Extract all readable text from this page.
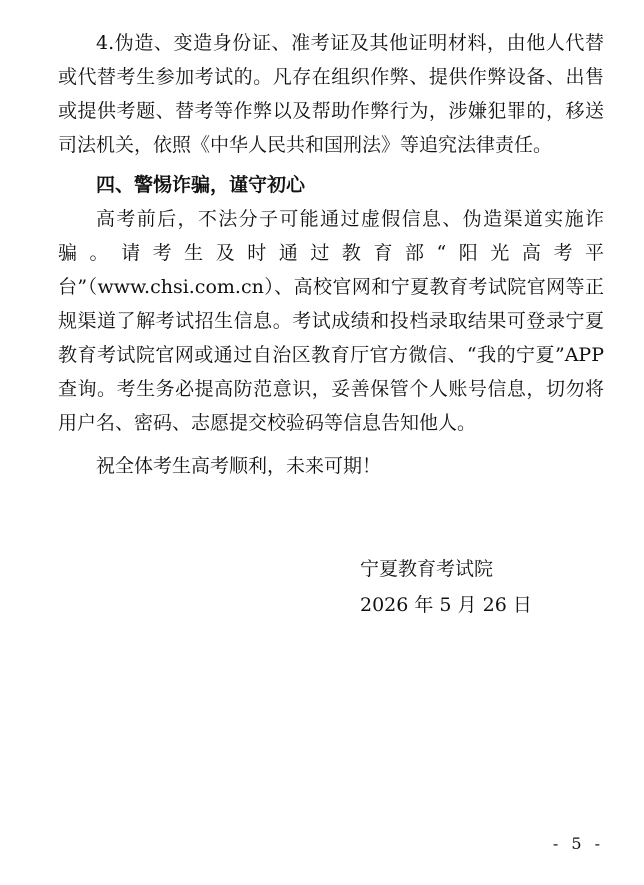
4.伪造、变造身份证、准考证及其他证明材料，由他人代替或代替考生参加考试的。凡存在组织作弊、提供作弊设备、出售或提供考题、替考等作弊以及帮助作弊行为，涉嫌犯罪的，移送司法机关，依照《中华人民共和国刑法》等追究法律责任。

四、警惕诈骗，谨守初心

高考前后，不法分子可能通过虚假信息、伪造渠道实施诈骗。请考生及时通过教育部“阳光高考平台”（www.chsi.com.cn）、高校官网和宁夏教育考试院官网等正规渠道了解考试招生信息。考试成绩和投档录取结果可登录宁夏教育考试院官网或通过自治区教育厅官方微信、“我的宁夏”APP查询。考生务必提高防范意识，妥善保管个人账号信息，切勿将用户名、密码、志愿提交校验码等信息告知他人。

祝全体考生高考顺利，未来可期！

宁夏教育考试院
2026 年 5 月 26 日
- 5 -
